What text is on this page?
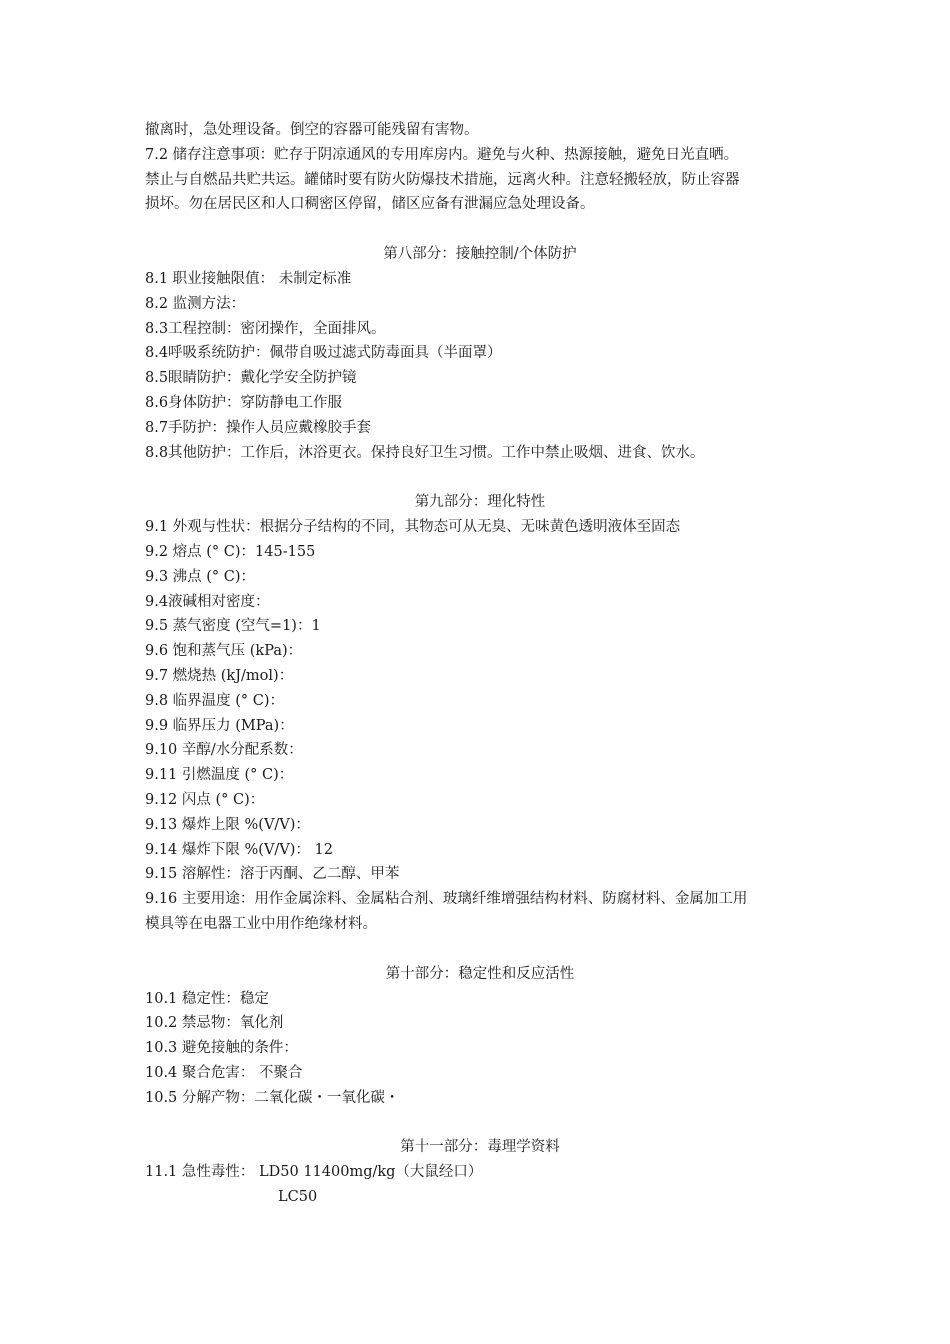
撤离时，急处理设备。倒空的容器可能残留有害物。
7.2 储存注意事项：贮存于阴凉通风的专用库房内。避免与火种、热源接触，避免日光直晒。
禁止与自燃品共贮共运。罐储时要有防火防爆技术措施，远离火种。注意轻搬轻放，防止容器
损坏。勿在居民区和人口稠密区停留，储区应备有泄漏应急处理设备。
第八部分：接触控制/个体防护
8.1 职业接触限值： 未制定标准
8.2 监测方法：
8.3工程控制：密闭操作，全面排风。
8.4呼吸系统防护：佩带自吸过滤式防毒面具（半面罩）
8.5眼睛防护：戴化学安全防护镜
8.6身体防护：穿防静电工作服
8.7手防护：操作人员应戴橡胶手套
8.8其他防护：工作后，沐浴更衣。保持良好卫生习惯。工作中禁止吸烟、进食、饮水。
第九部分：理化特性
9.1 外观与性状：根据分子结构的不同，其物态可从无臭、无味黄色透明液体至固态
9.2 熔点 (° C)：145-155
9.3 沸点 (° C)：
9.4液碱相对密度：
9.5 蒸气密度 (空气=1)：1
9.6 饱和蒸气压 (kPa)：
9.7 燃烧热 (kJ/mol)：
9.8 临界温度 (° C)：
9.9 临界压力 (MPa)：
9.10 辛醇/水分配系数：
9.11 引燃温度 (° C)：
9.12 闪点 (° C)：
9.13 爆炸上限 %(V/V)：
9.14 爆炸下限 %(V/V)： 12
9.15 溶解性：溶于丙酮、乙二醇、甲苯
9.16 主要用途：用作金属涂料、金属粘合剂、玻璃纤维增强结构材料、防腐材料、金属加工用
模具等在电器工业中用作绝缘材料。
第十部分：稳定性和反应活性
10.1 稳定性：稳定
10.2 禁忌物：氧化剂
10.3 避免接触的条件：
10.4 聚合危害： 不聚合
10.5 分解产物：二氧化碳・一氧化碳・
第十一部分：毒理学资料
11.1 急性毒性： LD50 11400mg/kg（大鼠经口）
LC50
